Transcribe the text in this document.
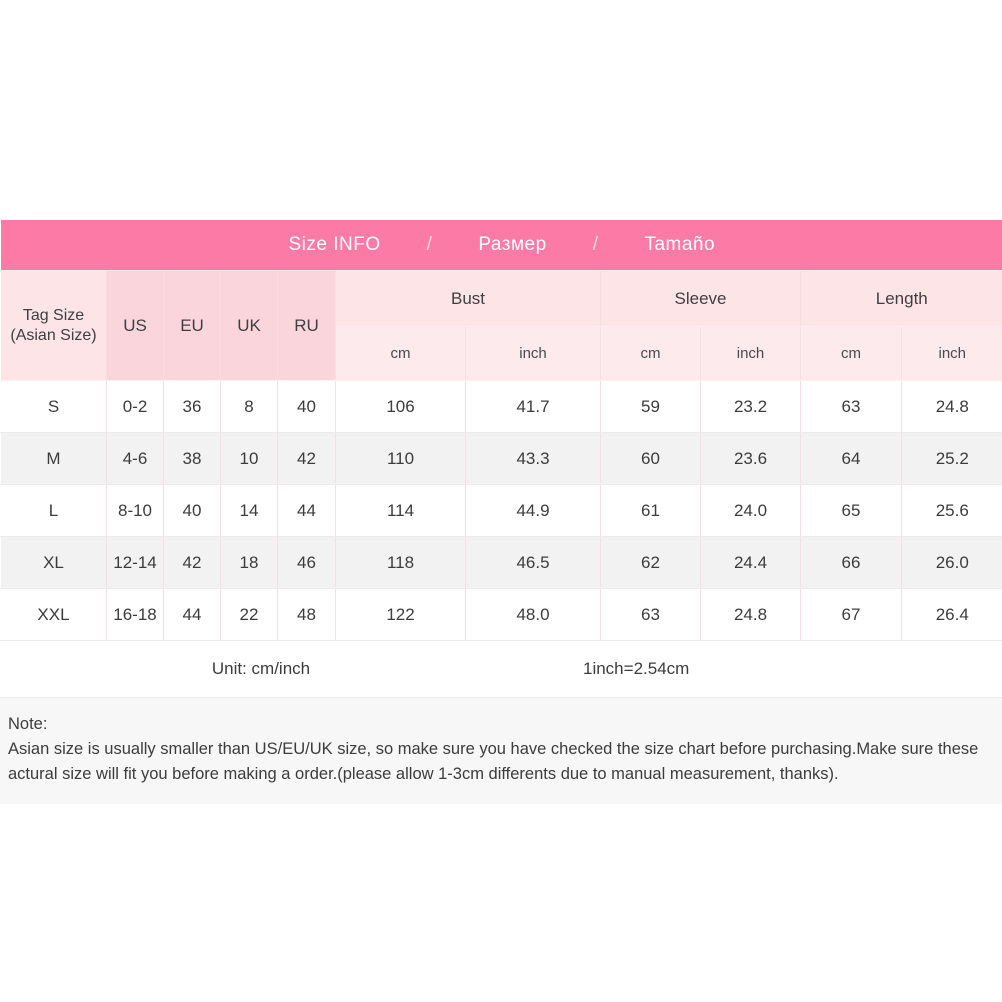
Size INFO / Размер / Tamaño										

Tag Size
(Asian Size)	US	EU	UK	RU	Bust		Sleeve		Length	
					cm	inch	cm	inch	cm	inch
S	0-2	36	8	40	106	41.7	59	23.2	63	24.8
M	4-6	38	10	42	110	43.3	60	23.6	64	25.2
L	8-10	40	14	44	114	44.9	61	24.0	65	25.6
XL	12-14	42	18	46	118	46.5	62	24.4	66	26.0
XXL	16-18	44	22	48	122	48.0	63	24.8	67	26.4

Unit: cm/inch 1inch=2.54cm										
Note:
Asian size is usually smaller than US/EU/UK size, so make sure you have checked the size chart before purchasing.Make sure these actural size will fit you before making a order.(please allow 1-3cm differents due to manual measurement, thanks).
